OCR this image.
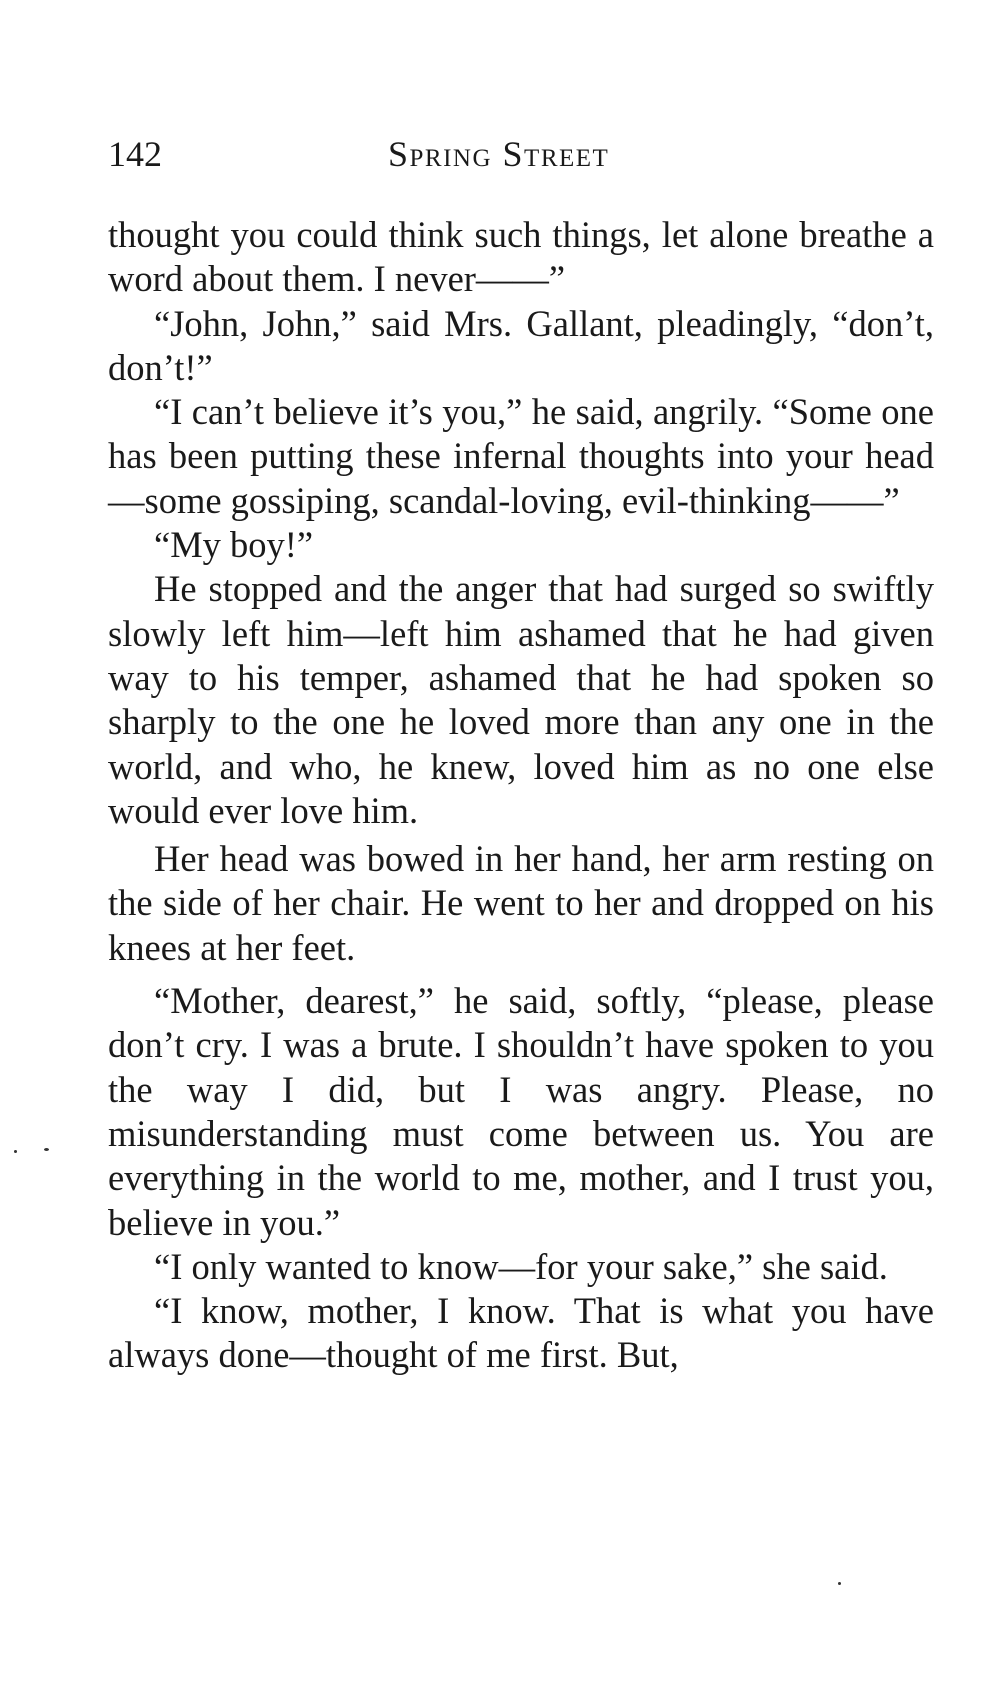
142	Spring Street

thought you could think such things, let alone breathe a word about them. I never——”

“John, John,” said Mrs. Gallant, pleadingly, “don’t, don’t!”

“I can’t believe it’s you,” he said, angrily. “Some one has been putting these infernal thoughts into your head—some gossiping, scandal-loving, evil-thinking——”

“My boy!”

He stopped and the anger that had surged so swiftly slowly left him—left him ashamed that he had given way to his temper, ashamed that he had spoken so sharply to the one he loved more than any one in the world, and who, he knew, loved him as no one else would ever love him.

Her head was bowed in her hand, her arm resting on the side of her chair. He went to her and dropped on his knees at her feet.

“Mother, dearest,” he said, softly, “please, please don’t cry. I was a brute. I shouldn’t have spoken to you the way I did, but I was angry. Please, no misunderstanding must come between us. You are everything in the world to me, mother, and I trust you, believe in you.”

“I only wanted to know—for your sake,” she said.

“I know, mother, I know. That is what you have always done—thought of me first. But,
